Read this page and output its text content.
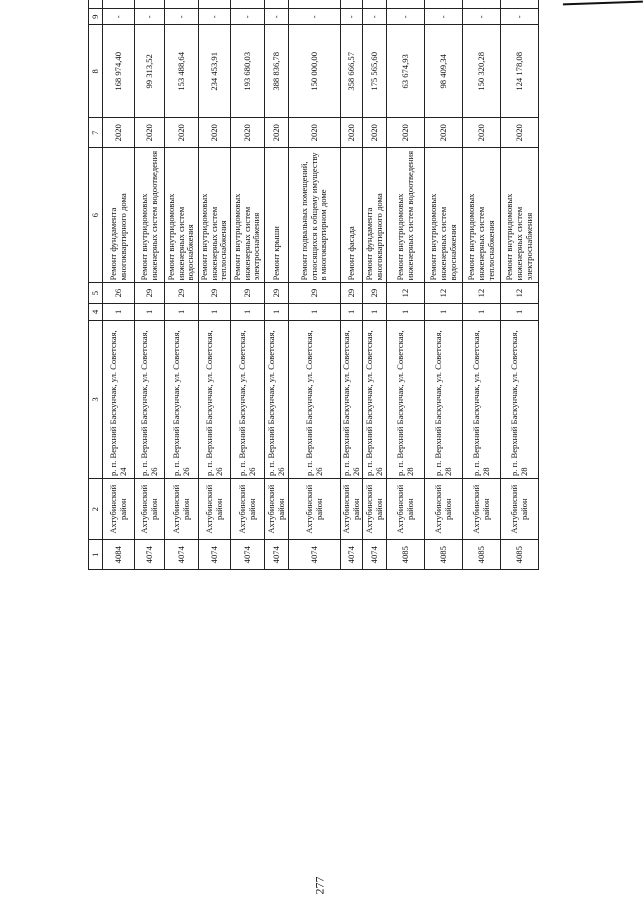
1	2	3	4	5	6	7	8	9				
4084	Ахтубинский район	р. п. Верхний Баскунчак, ул. Советская, 24	1	26	Ремонт фундамента многоквартирного дома	2020	168 974,40	-				
4074	Ахтубинский район	р. п. Верхний Баскунчак, ул. Советская, 26	1	29	Ремонт внутридомовых инженерных систем водоотведения	2020	99 313,52	-				
4074	Ахтубинский район	р. п. Верхний Баскунчак, ул. Советская, 26	1	29	Ремонт внутридомовых инженерных систем водоснабжения	2020	153 488,64	-				
4074	Ахтубинский район	р. п. Верхний Баскунчак, ул. Советская, 26	1	29	Ремонт внутридомовых инженерных систем теплоснабжения	2020	234 453,91	-				
4074	Ахтубинский район	р. п. Верхний Баскунчак, ул. Советская, 26	1	29	Ремонт внутридомовых инженерных систем электроснабжения	2020	193 680,03	-				
4074	Ахтубинский район	р. п. Верхний Баскунчак, ул. Советская, 26	1	29	Ремонт крыши	2020	388 836,78	-				
4074	Ахтубинский район	р. п. Верхний Баскунчак, ул. Советская, 26	1	29	Ремонт подвальных помещений, относящихся к общему имуществу в многоквартирном доме	2020	150 000,00	-				
4074	Ахтубинский район	р. п. Верхний Баскунчак, ул. Советская, 26	1	29	Ремонт фасада	2020	358 666,57	-				
4074	Ахтубинский район	р. п. Верхний Баскунчак, ул. Советская, 26	1	29	Ремонт фундамента многоквартирного дома	2020	175 565,60	-				
4085	Ахтубинский район	р. п. Верхний Баскунчак, ул. Советская, 28	1	12	Ремонт внутридомовых инженерных систем водоотведения	2020	63 674,93	-				
4085	Ахтубинский район	р. п. Верхний Баскунчак, ул. Советская, 28	1	12	Ремонт внутридомовых инженерных систем водоснабжения	2020	98 409,34	-				
4085	Ахтубинский район	р. п. Верхний Баскунчак, ул. Советская, 28	1	12	Ремонт внутридомовых инженерных систем теплоснабжения	2020	150 320,28	-				
4085	Ахтубинский район	р. п. Верхний Баскунчак, ул. Советская, 28	1	12	Ремонт внутридомовых инженерных систем электроснабжения	2020	124 178,08	-				
277
